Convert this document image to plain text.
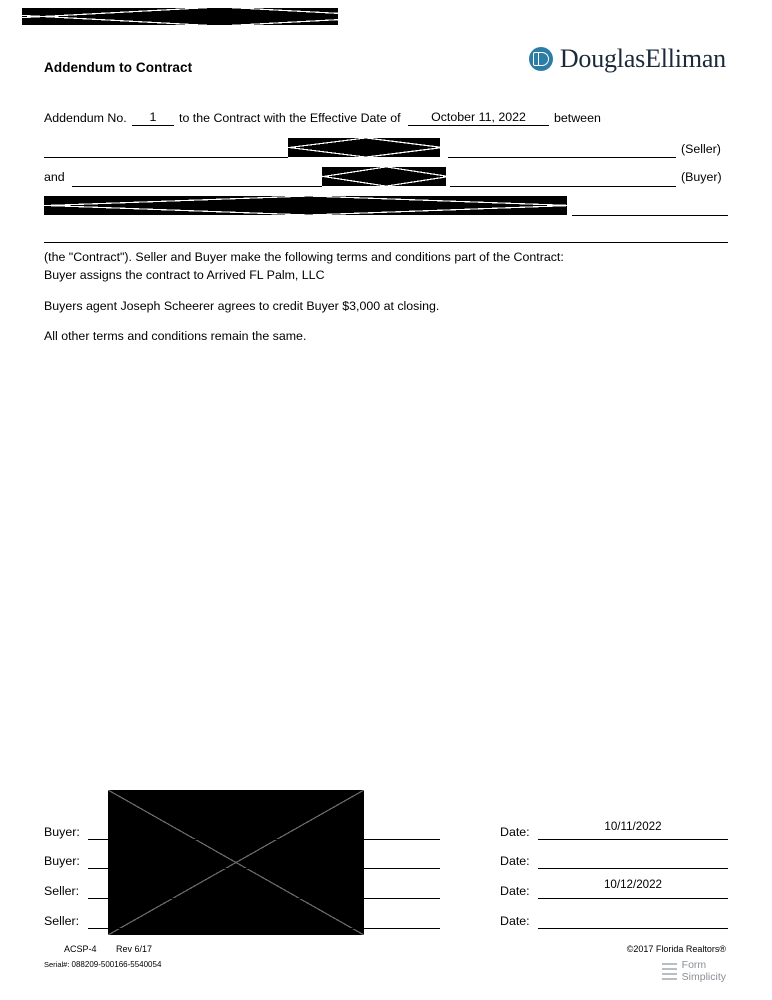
Addendum to Contract	DouglasElliman
Addendum No.	1	to the Contract with the Effective Date of	October 11, 2022	between
(Seller)
and	(Buyer)
(the "Contract"). Seller and Buyer make the following terms and conditions part of the Contract:
Buyer assigns the contract to Arrived FL Palm, LLC
Buyers agent Joseph Scheerer agrees to credit Buyer $3,000 at closing.
All other terms and conditions remain the same.
Buyer:	Date:	10/11/2022
Buyer:	Date:
Seller:	Date:	10/12/2022
Seller:	Date:
ACSP-4 Rev 6/17
Serial#: 088209-500166-5540054
©2017 Florida Realtors®
Form
Simplicity
